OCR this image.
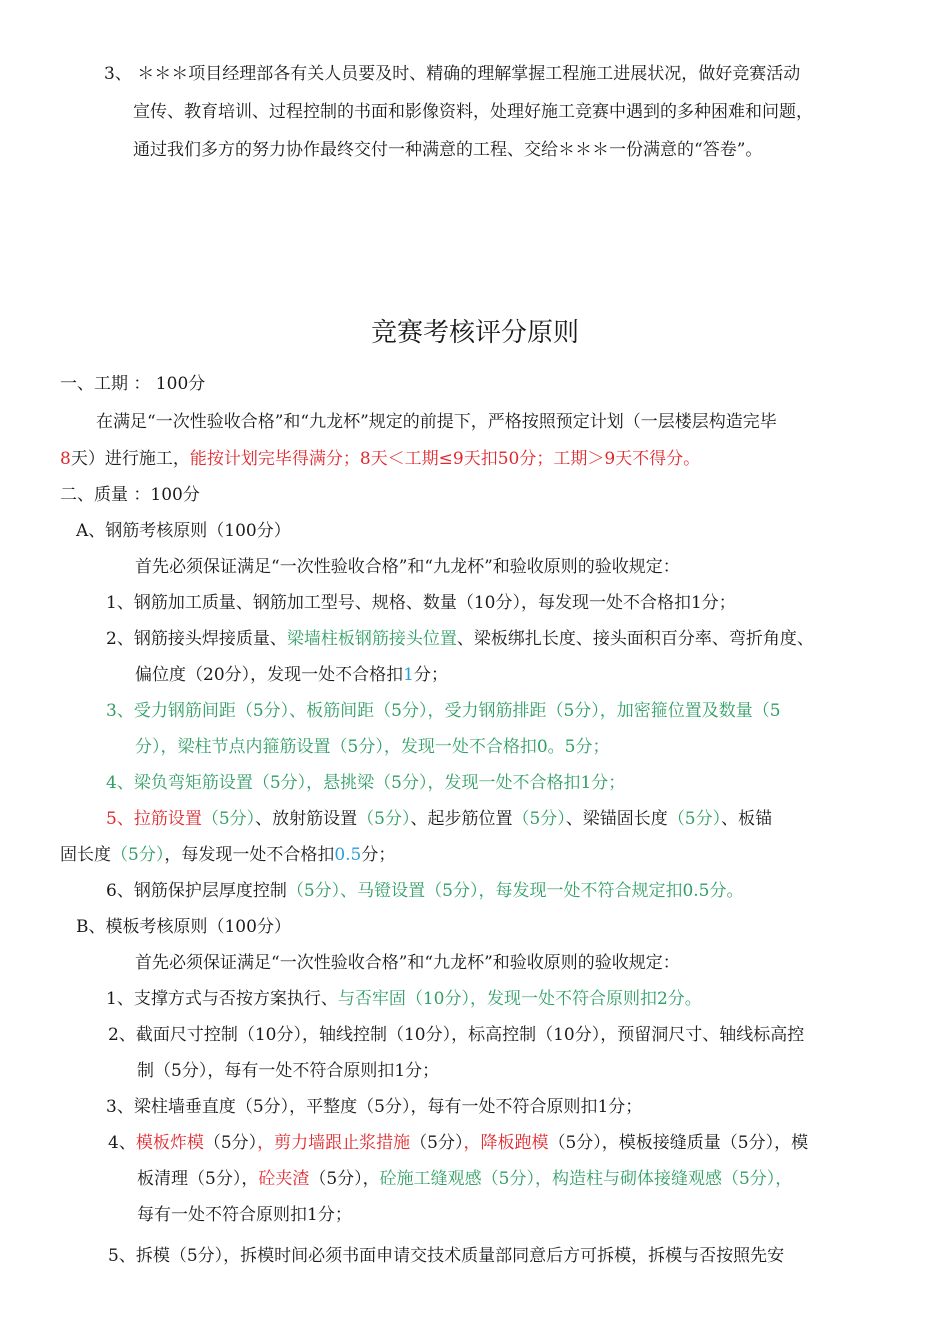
3、 ＊＊＊项目经理部各有关人员要及时、精确的理解掌握工程施工进展状况，做好竞赛活动
宣传、教育培训、过程控制的书面和影像资料，处理好施工竞赛中遇到的多种困难和问题，
通过我们多方的努力协作最终交付一种满意的工程、交给＊＊＊一份满意的“答卷”。
竞赛考核评分原则
一、工期 ： 100分
在满足“一次性验收合格”和“九龙杯”规定的前提下，严格按照预定计划（一层楼层构造完毕
8天）进行施工，能按计划完毕得满分；8天＜工期≤9天扣50分；工期＞9天不得分。
二、质量 ：100分
A、钢筋考核原则（100分）
首先必须保证满足“一次性验收合格”和“九龙杯”和验收原则的验收规定：
1、钢筋加工质量、钢筋加工型号、规格、数量（10分），每发现一处不合格扣1分；
2、钢筋接头焊接质量、梁墙柱板钢筋接头位置、梁板绑扎长度、接头面积百分率、弯折角度、
偏位度（20分），发现一处不合格扣1分；
3、受力钢筋间距（5分）、板筋间距（5分），受力钢筋排距（5分），加密箍位置及数量（5
分），梁柱节点内箍筋设置（5分），发现一处不合格扣0。5分；
4、梁负弯矩筋设置（5分），悬挑梁（5分），发现一处不合格扣1分；
5、拉筋设置（5分）、放射筋设置（5分）、起步筋位置（5分）、梁锚固长度（5分）、板锚
固长度（5分），每发现一处不合格扣0.5分；
6、钢筋保护层厚度控制（5分）、马镫设置（5分），每发现一处不符合规定扣0.5分。
B、模板考核原则（100分）
首先必须保证满足“一次性验收合格”和“九龙杯”和验收原则的验收规定：
1、支撑方式与否按方案执行、与否牢固（10分），发现一处不符合原则扣2分。
2、截面尺寸控制（10分），轴线控制（10分），标高控制（10分），预留洞尺寸、轴线标高控
制（5分），每有一处不符合原则扣1分；
3、梁柱墙垂直度（5分），平整度（5分），每有一处不符合原则扣1分；
4、模板炸模（5分），剪力墙跟止浆措施（5分），降板跑模（5分），模板接缝质量（5分），模
板清理（5分），砼夹渣（5分），砼施工缝观感（5分），构造柱与砌体接缝观感（5分），
每有一处不符合原则扣1分；
5、拆模（5分），拆模时间必须书面申请交技术质量部同意后方可拆模，拆模与否按照先安
